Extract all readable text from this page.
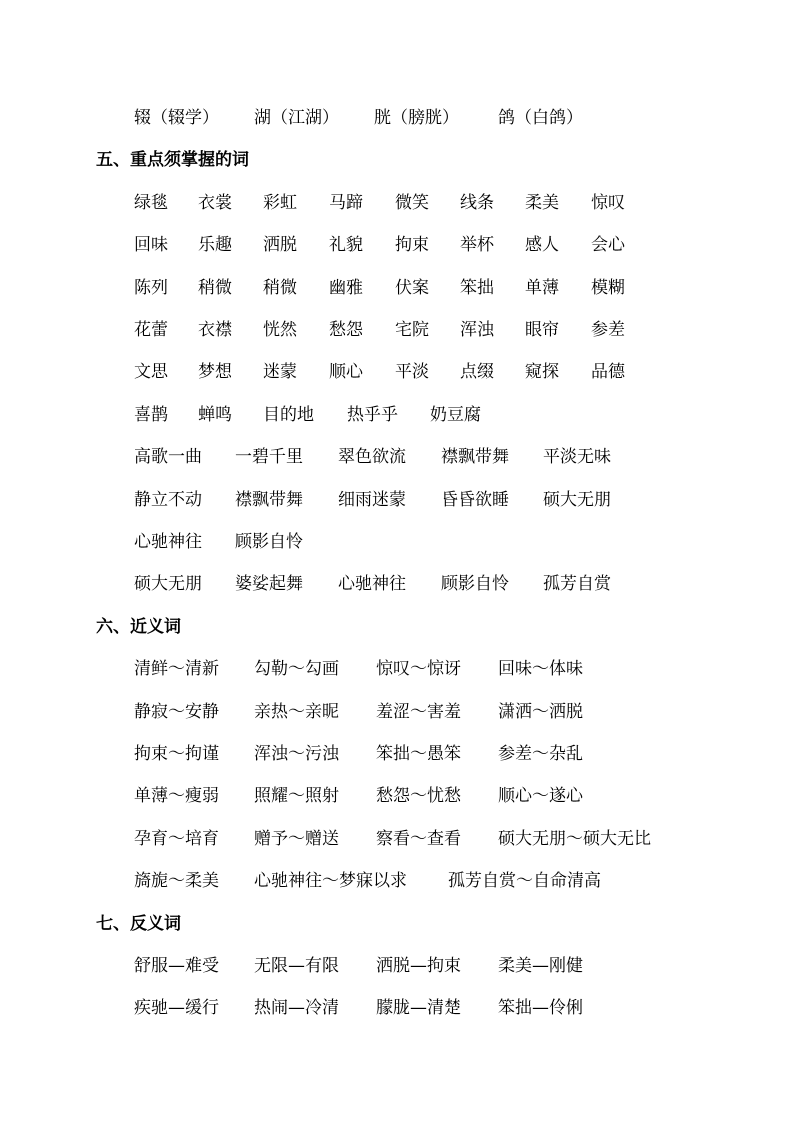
辍（辍学） 湖（江湖） 胱（膀胱） 鸽（白鸽）
五、重点须掌握的词
绿毯 衣裳 彩虹 马蹄 微笑 线条 柔美 惊叹
回味 乐趣 洒脱 礼貌 拘束 举杯 感人 会心
陈列 稍微 稍微 幽雅 伏案 笨拙 单薄 模糊
花蕾 衣襟 恍然 愁怨 宅院 浑浊 眼帘 参差
文思 梦想 迷蒙 顺心 平淡 点缀 窥探 品德
喜鹊 蝉鸣 目的地 热乎乎 奶豆腐
高歌一曲 一碧千里 翠色欲流 襟飘带舞 平淡无味
静立不动 襟飘带舞 细雨迷蒙 昏昏欲睡 硕大无朋
心驰神往 顾影自怜
硕大无朋 婆娑起舞 心驰神往 顾影自怜 孤芳自赏
六、近义词
清鲜～清新 勾勒～勾画 惊叹～惊讶 回味～体味
静寂～安静 亲热～亲昵 羞涩～害羞 潇洒～洒脱
拘束～拘谨 浑浊～污浊 笨拙～愚笨 参差～杂乱
单薄～瘦弱 照耀～照射 愁怨～忧愁 顺心～遂心
孕育～培育 赠予～赠送 察看～查看 硕大无朋～硕大无比
旖旎～柔美 心驰神往～梦寐以求 孤芳自赏～自命清高
七、反义词
舒服—难受 无限—有限 洒脱—拘束 柔美—刚健
疾驰—缓行 热闹—冷清 朦胧—清楚 笨拙—伶俐
